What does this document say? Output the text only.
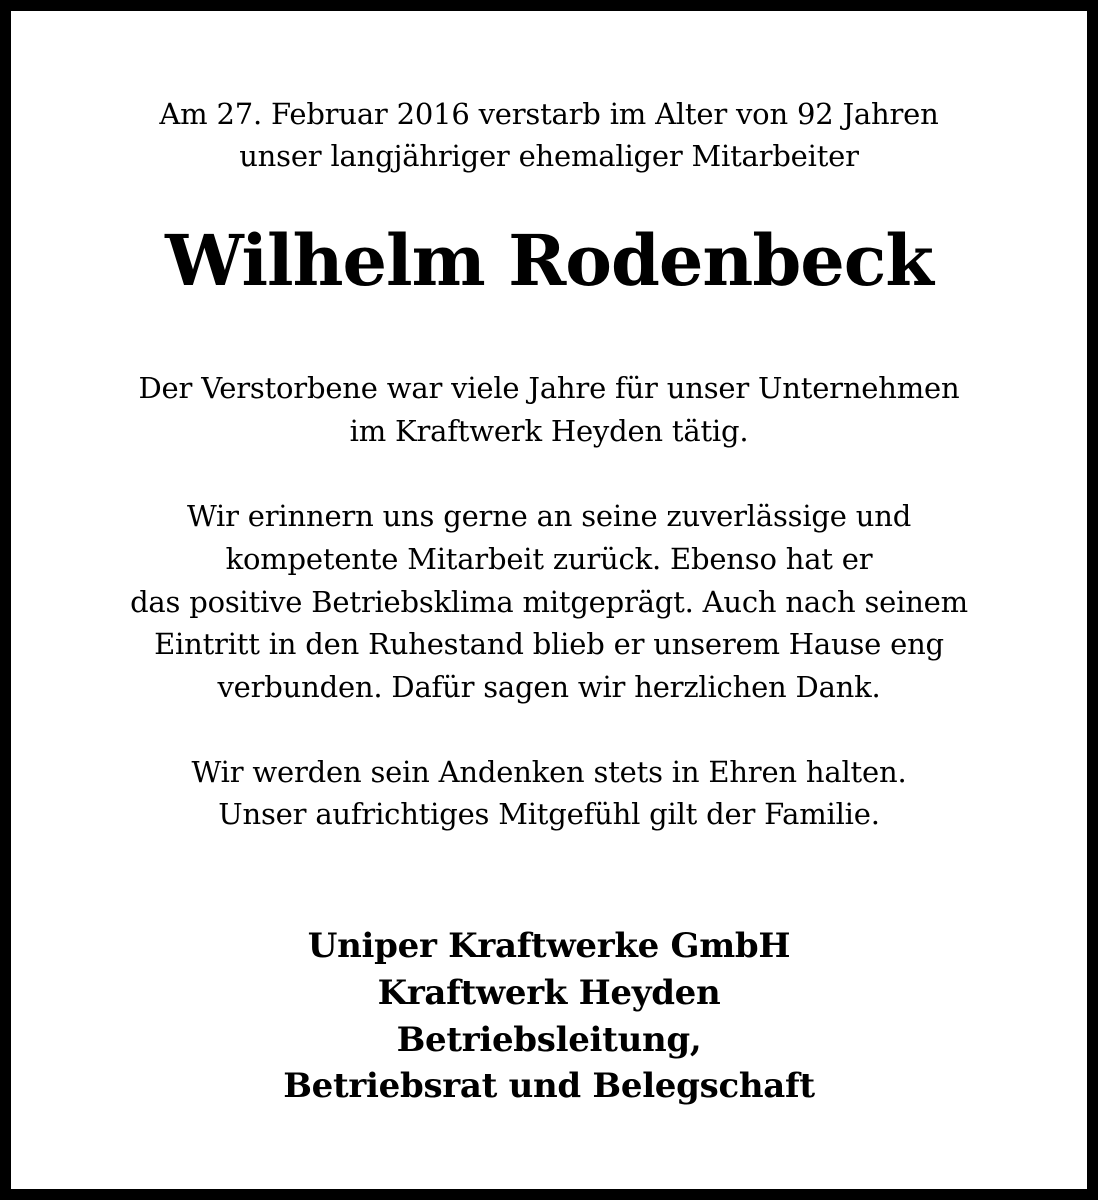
Am 27. Februar 2016 verstarb im Alter von 92 Jahren
unser langjähriger ehemaliger Mitarbeiter
Wilhelm Rodenbeck
Der Verstorbene war viele Jahre für unser Unternehmen
im Kraftwerk Heyden tätig.
Wir erinnern uns gerne an seine zuverlässige und
kompetente Mitarbeit zurück. Ebenso hat er
das positive Betriebsklima mitgeprägt. Auch nach seinem
Eintritt in den Ruhestand blieb er unserem Hause eng
verbunden. Dafür sagen wir herzlichen Dank.
Wir werden sein Andenken stets in Ehren halten.
Unser aufrichtiges Mitgefühl gilt der Familie.
Uniper Kraftwerke GmbH
Kraftwerk Heyden
Betriebsleitung,
Betriebsrat und Belegschaft
